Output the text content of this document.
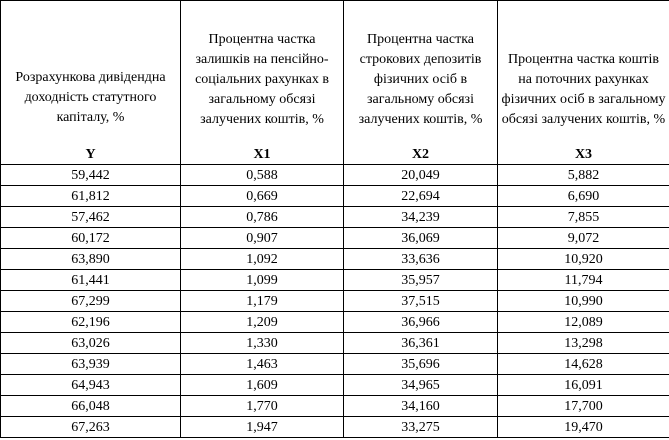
Розрахункова дивідендна доходність статутного капіталу, %	Процентна частка залишків на пенсійно-соціальних рахунках в загальному обсязі залучених коштів, %	Процентна частка строкових депозитів фізичних осіб в загальному обсязі залучених коштів, %	Процентна частка коштів на поточних рахунках фізичних осіб в загальному обсязі залучених коштів, %
Y	X1	X2	X3
59,442	0,588	20,049	5,882
61,812	0,669	22,694	6,690
57,462	0,786	34,239	7,855
60,172	0,907	36,069	9,072
63,890	1,092	33,636	10,920
61,441	1,099	35,957	11,794
67,299	1,179	37,515	10,990
62,196	1,209	36,966	12,089
63,026	1,330	36,361	13,298
63,939	1,463	35,696	14,628
64,943	1,609	34,965	16,091
66,048	1,770	34,160	17,700
67,263	1,947	33,275	19,470
